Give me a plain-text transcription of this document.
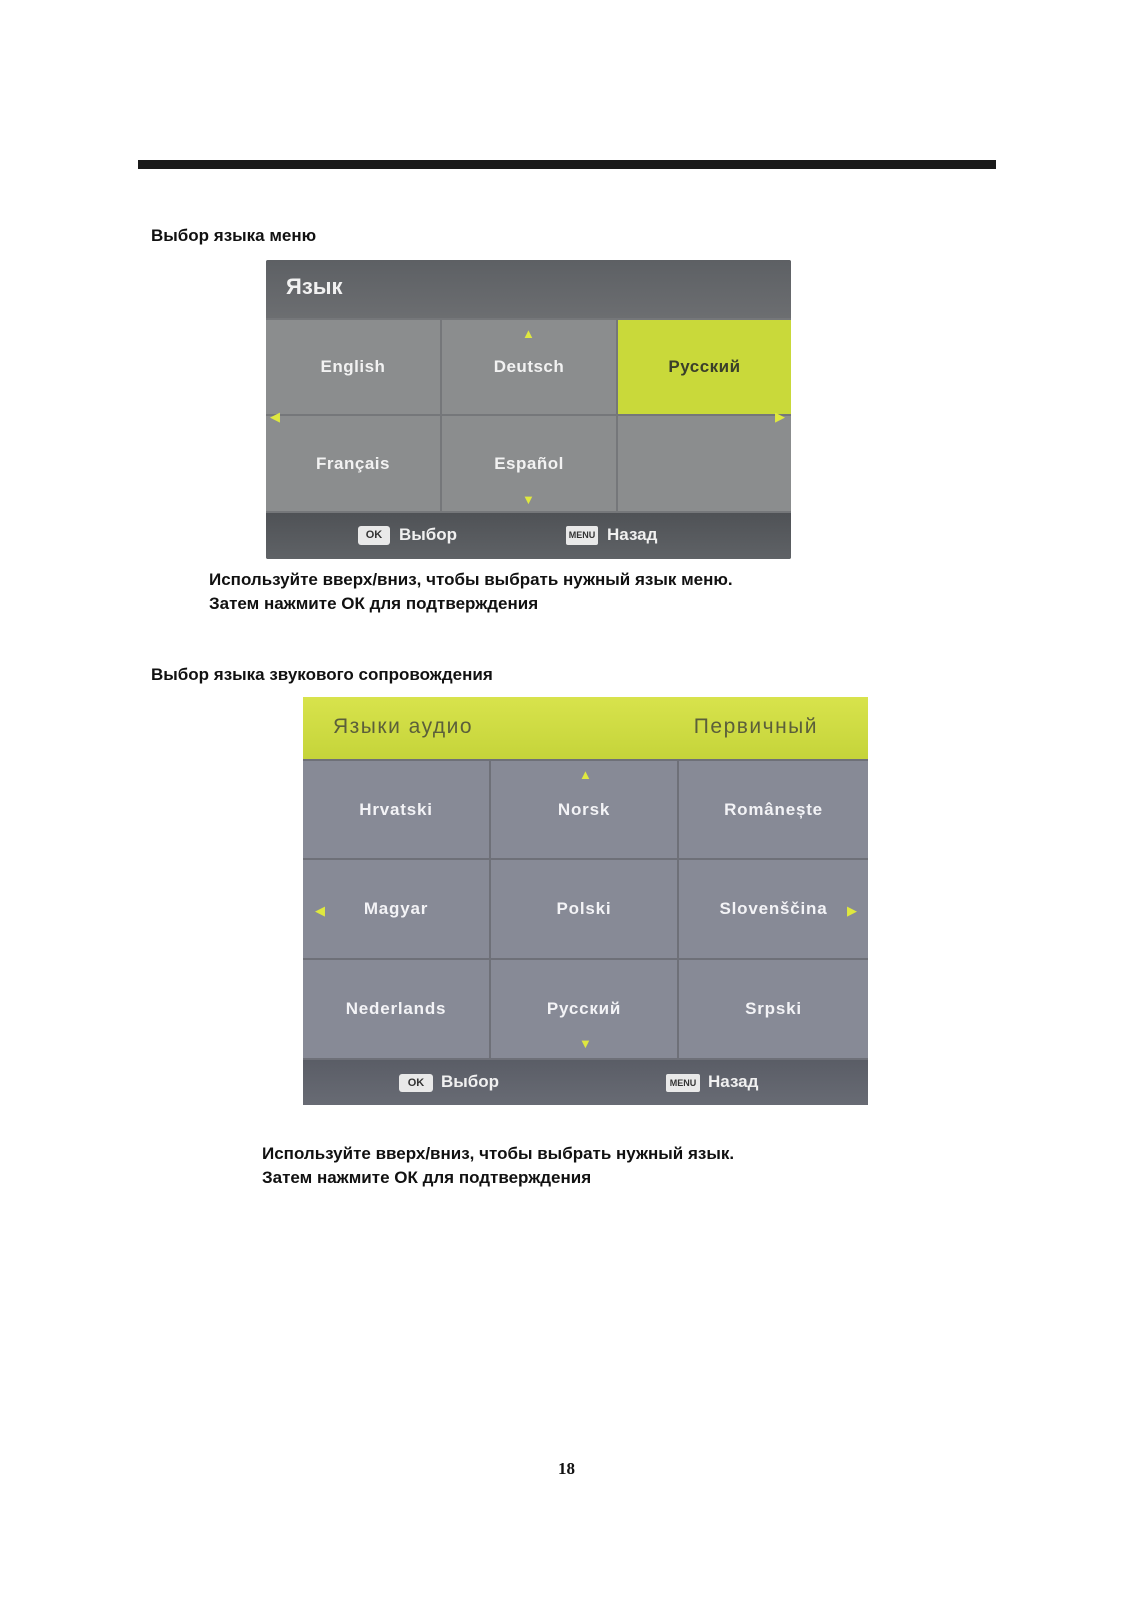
Выбор языка меню
Язык
English	Deutsch	Русский
Français	Español
▲
▼
◀	▶
OK Выбор	MENU Назад
Используйте вверх/вниз, чтобы выбрать нужный язык меню.
Затем нажмите ОК для подтверждения
Выбор языка звукового сопровождения
Языки аудио	Первичный
Hrvatski	Norsk	Românește
Magyar	Polski	Slovenščina
Nederlands	Русский	Srpski
▲
▼
◀	▶
OK Выбор	MENU Назад
Используйте вверх/вниз, чтобы выбрать нужный язык.
Затем нажмите ОК для подтверждения
18
